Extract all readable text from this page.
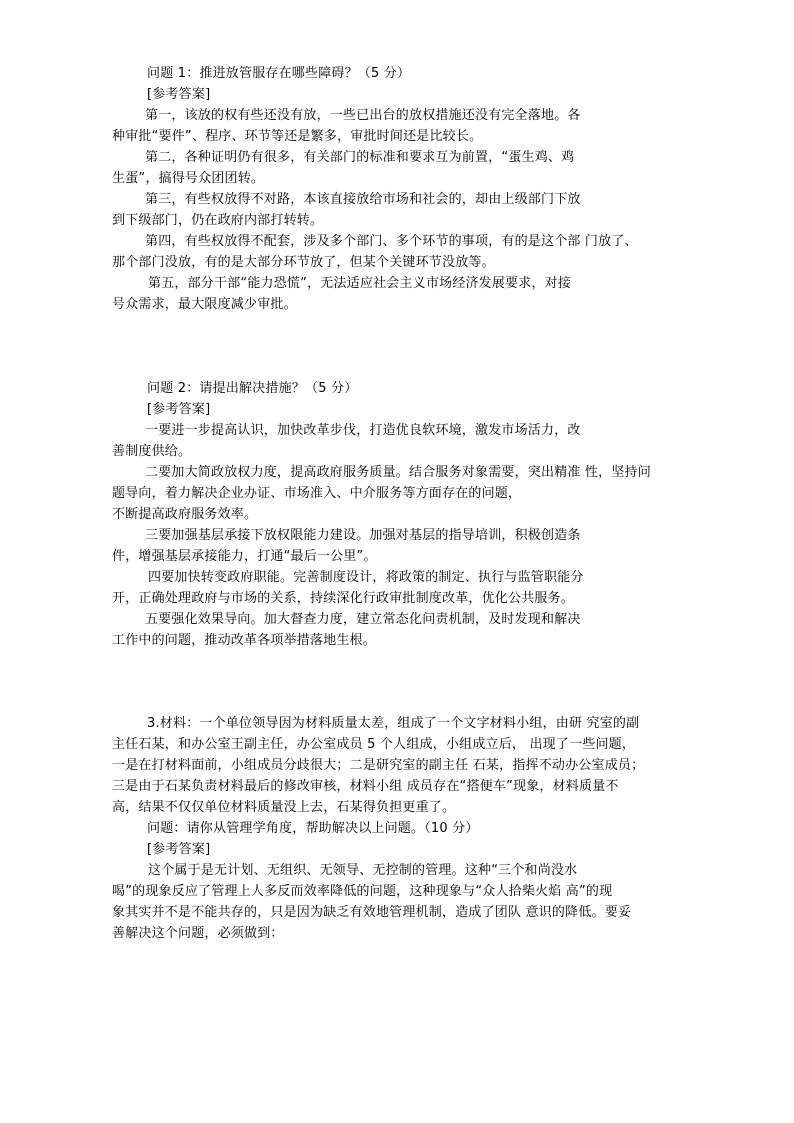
问题 1：推进放管服存在哪些障碍？（5 分）

[参考答案]

第一，该放的权有些还没有放，一些已出台的放权措施还没有完全落地。各

种审批“要件”、程序、环节等还是繁多，审批时间还是比较长。

第二，各种证明仍有很多，有关部门的标准和要求互为前置，“蛋生鸡、鸡

生蛋”，搞得号众团团转。

第三，有些权放得不对路，本该直接放给市场和社会的，却由上级部门下放

到下级部门，仍在政府内部打转转。

第四，有些权放得不配套，涉及多个部门、多个环节的事项，有的是这个部 门放了、

那个部门没放，有的是大部分环节放了，但某个关键环节没放等。

第五，部分干部“能力恐慌”，无法适应社会主义市场经济发展要求，对接

号众需求，最大限度减少审批。

问题 2：请提出解决措施？（5 分）

[参考答案]

一要进一步提高认识，加快改革步伐，打造优良软环境，激发市场活力，改

善制度供给。

二要加大简政放权力度，提高政府服务质量。结合服务对象需要，突出精准 性，坚持问

题导向，着力解决企业办证、市场准入、中介服务等方面存在的问题，

不断提高政府服务效率。

三要加强基层承接下放权限能力建设。加强对基层的指导培训，积极创造条

件，增强基层承接能力，打通“最后一公里”。

四要加快转变政府职能。完善制度设计，将政策的制定、执行与监管职能分

开，正确处理政府与市场的关系，持续深化行政审批制度改革，优化公共服务。

五要强化效果导向。加大督查力度，建立常态化问责机制，及时发现和解决

工作中的问题，推动改革各项举措落地生根。

3.材料：一个单位领导因为材料质量太差，组成了一个文字材料小组，由研 究室的副

主任石某，和办公室王副主任，办公室成员 5 个人组成，小组成立后， 出现了一些问题，

一是在打材料面前，小组成员分歧很大；二是研究室的副主任 石某，指挥不动办公室成员；

三是由于石某负责材料最后的修改审核，材料小组 成员存在“搭便车”现象，材料质量不

高，结果不仅仅单位材料质量没上去，石某得负担更重了。

问题：请你从管理学角度，帮助解决以上问题。（10 分）

[参考答案]

这个属于是无计划、无组织、无领导、无控制的管理。这种“三个和尚没水

喝”的现象反应了管理上人多反而效率降低的问题，这种现象与“众人拾柴火焰 高”的现

象其实并不是不能共存的，只是因为缺乏有效地管理机制，造成了团队 意识的降低。要妥

善解决这个问题，必须做到：
